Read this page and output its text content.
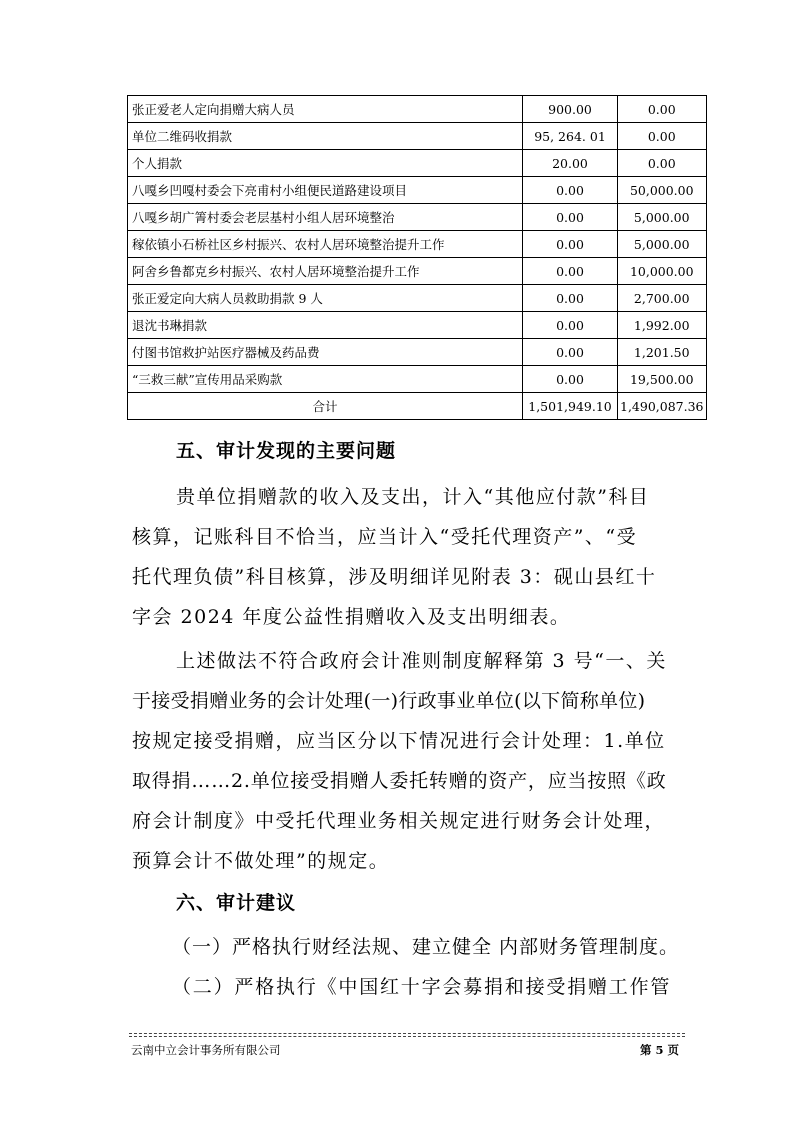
张正爱老人定向捐赠大病人员	900.00	0.00
单位二维码收捐款	95, 264. 01	0.00
个人捐款	20.00	0.00
八嘎乡凹嘎村委会下亮甫村小组便民道路建设项目	0.00	50,000.00
八嘎乡胡广箐村委会老层基村小组人居环境整治	0.00	5,000.00
稼依镇小石桥社区乡村振兴、农村人居环境整治提升工作	0.00	5,000.00
阿舍乡鲁都克乡村振兴、农村人居环境整治提升工作	0.00	10,000.00
张正爱定向大病人员救助捐款 9 人	0.00	2,700.00
退沈书琳捐款	0.00	1,992.00
付图书馆救护站医疗器械及药品费	0.00	1,201.50
“三救三献”宣传用品采购款	0.00	19,500.00
合计	1,501,949.10	1,490,087.36
五、审计发现的主要问题
贵单位捐赠款的收入及支出，计入“其他应付款”科目
核算，记账科目不恰当，应当计入“受托代理资产”、“受
托代理负债”科目核算，涉及明细详见附表 3：砚山县红十
字会 2024 年度公益性捐赠收入及支出明细表。
上述做法不符合政府会计准则制度解释第 3 号“一、关
于接受捐赠业务的会计处理(一)行政事业单位(以下简称单位)
按规定接受捐赠，应当区分以下情况进行会计处理：1.单位
取得捐……2.单位接受捐赠人委托转赠的资产，应当按照《政
府会计制度》中受托代理业务相关规定进行财务会计处理，
预算会计不做处理”的规定。
六、审计建议
（一）严格执行财经法规、建立健全 内部财务管理制度。
（二）严格执行《中国红十字会募捐和接受捐赠工作管
云南中立会计事务所有限公司	第 5 页
